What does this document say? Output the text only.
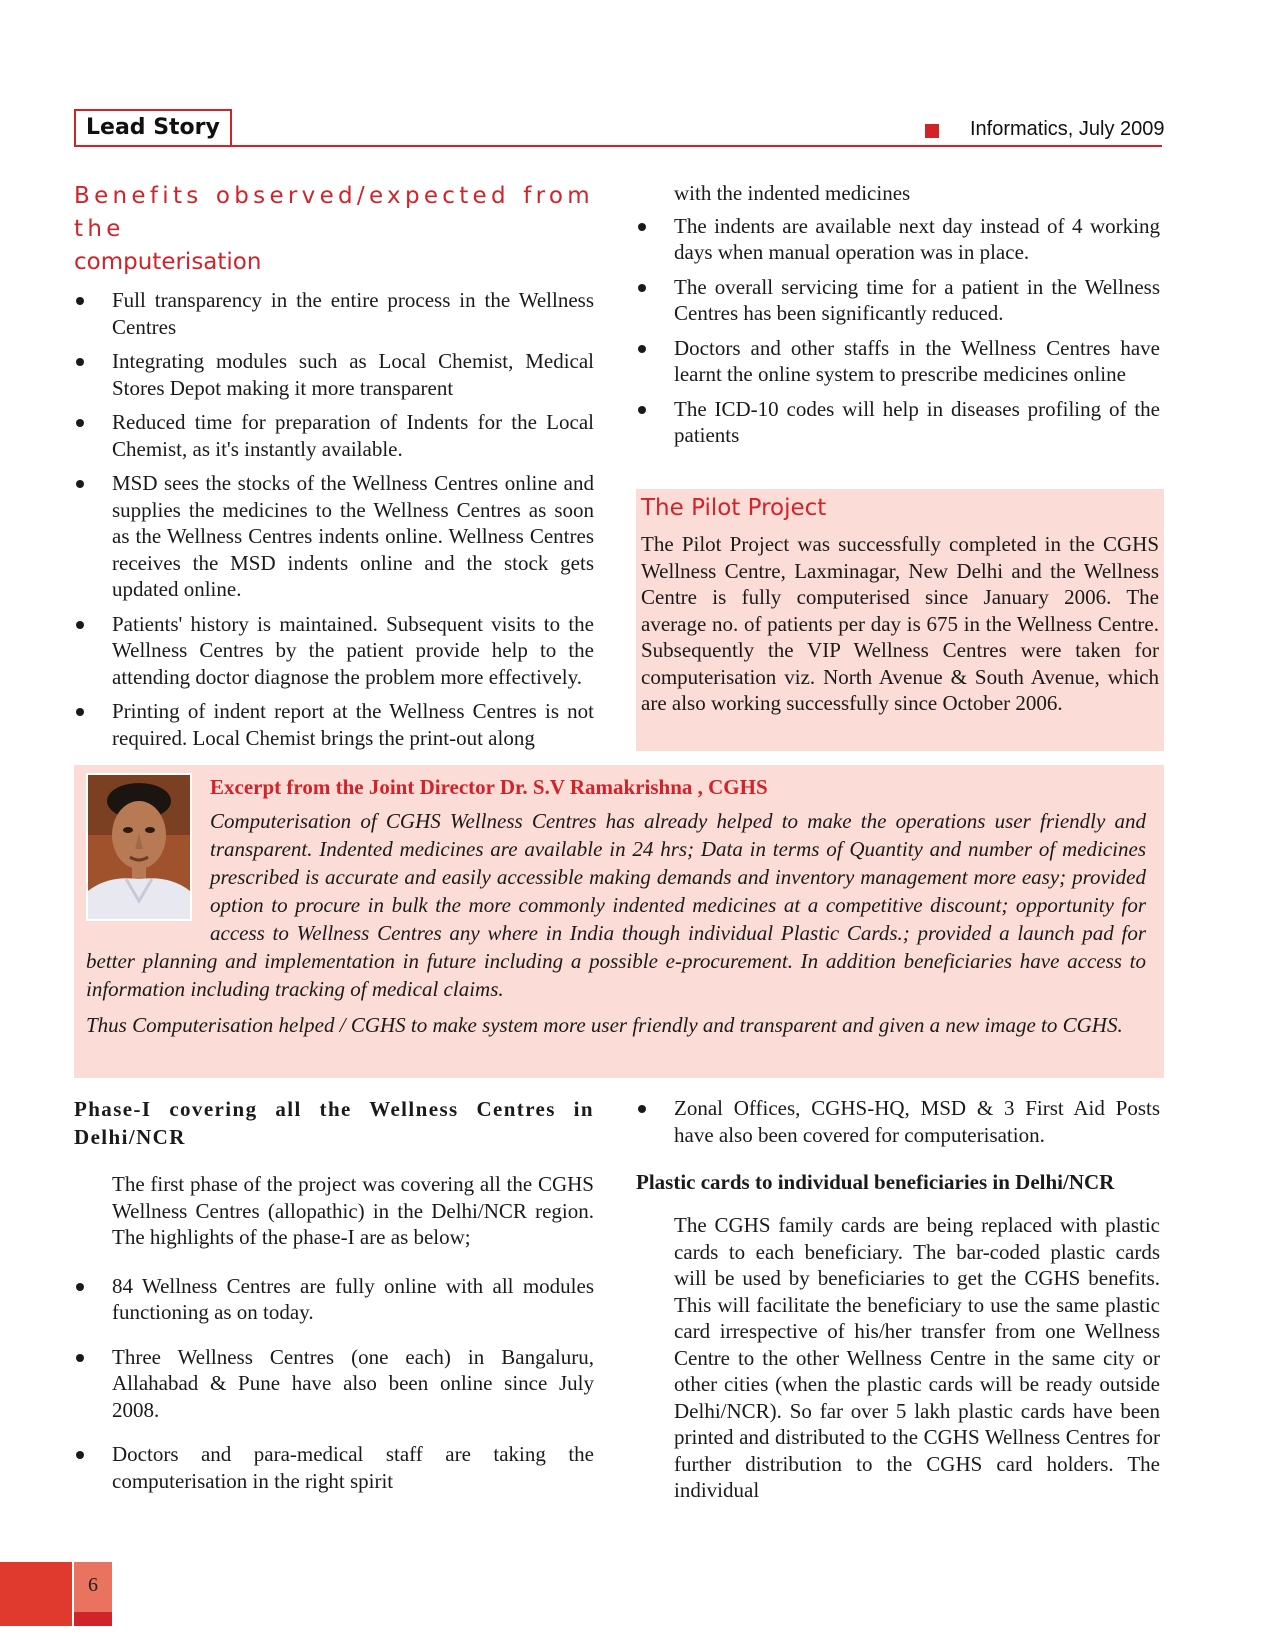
Lead Story	Informatics, July 2009
Benefits observed/expected from the
computerisation
Full transparency in the entire process in the Wellness Centres
Integrating modules such as Local Chemist, Medical Stores Depot making it more transparent
Reduced time for preparation of Indents for the Local Chemist, as it's instantly available.
MSD sees the stocks of the Wellness Centres online and supplies the medicines to the Wellness Centres as soon as the Wellness Centres indents online. Wellness Centres receives the MSD indents online and the stock gets updated online.
Patients' history is maintained. Subsequent visits to the Wellness Centres by the patient provide help to the attending doctor diagnose the problem more effectively.
Printing of indent report at the Wellness Centres is not required. Local Chemist brings the print-out along
with the indented medicines
The indents are available next day instead of 4 working days when manual operation was in place.
The overall servicing time for a patient in the Wellness Centres has been significantly reduced.
Doctors and other staffs in the Wellness Centres have learnt the online system to prescribe medicines online
The ICD-10 codes will help in diseases profiling of the patients
The Pilot Project
The Pilot Project was successfully completed in the CGHS Wellness Centre, Laxminagar, New Delhi and the Wellness Centre is fully computerised since January 2006. The average no. of patients per day is 675 in the Wellness Centre. Subsequently the VIP Wellness Centres were taken for computerisation viz. North Avenue & South Avenue, which are also working successfully since October 2006.
Excerpt from the Joint Director Dr. S.V Ramakrishna , CGHS
Computerisation of CGHS Wellness Centres has already helped to make the operations user friendly and transparent. Indented medicines are available in 24 hrs; Data in terms of Quantity and number of medicines prescribed is accurate and easily accessible making demands and inventory management more easy; provided option to procure in bulk the more commonly indented medicines at a competitive discount; opportunity for access to Wellness Centres any where in India though individual Plastic Cards.; provided a launch pad for better planning and implementation in future including a possible e-procurement. In addition beneficiaries have access to information including tracking of medical claims.
Thus Computerisation helped / CGHS to make system more user friendly and transparent and given a new image to CGHS.
Phase-I covering all the Wellness Centres in Delhi/NCR
The first phase of the project was covering all the CGHS Wellness Centres (allopathic) in the Delhi/NCR region. The highlights of the phase-I are as below;
84 Wellness Centres are fully online with all modules functioning as on today.
Three Wellness Centres (one each) in Bangaluru, Allahabad & Pune have also been online since July 2008.
Doctors and para-medical staff are taking the computerisation in the right spirit
Zonal Offices, CGHS-HQ, MSD & 3 First Aid Posts have also been covered for computerisation.
Plastic cards to individual beneficiaries in Delhi/NCR
The CGHS family cards are being replaced with plastic cards to each beneficiary. The bar-coded plastic cards will be used by beneficiaries to get the CGHS benefits. This will facilitate the beneficiary to use the same plastic card irrespective of his/her transfer from one Wellness Centre to the other Wellness Centre in the same city or other cities (when the plastic cards will be ready outside Delhi/NCR). So far over 5 lakh plastic cards have been printed and distributed to the CGHS Wellness Centres for further distribution to the CGHS card holders. The individual
6
